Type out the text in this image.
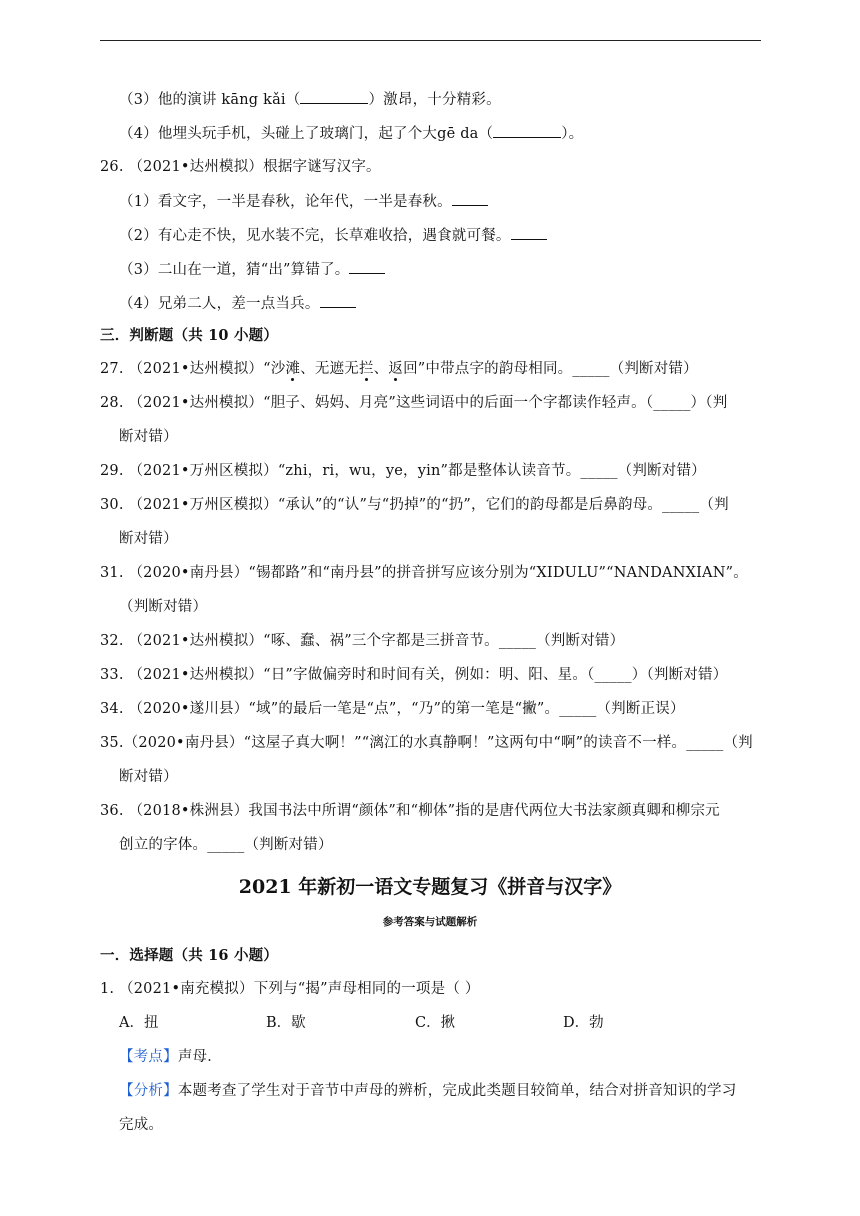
（3）他的演讲 kāng kǎi（	）激昂，十分精彩。
（4）他埋头玩手机，头碰上了玻璃门，起了个大gē da（	）。
26. （2021•达州模拟）根据字谜写汉字。
（1）看文字，一半是春秋，论年代，一半是春秋。
（2）有心走不快，见水装不完，长草难收拾，遇食就可餐。
（3）二山在一道，猜“出”算错了。
（4）兄弟二人，差一点当兵。
三．判断题（共 10 小题）
27. （2021•达州模拟）“沙滩、无遮无拦、返回”中带点字的韵母相同。_____（判断对错）
28. （2021•达州模拟）“胆子、妈妈、月亮”这些词语中的后面一个字都读作轻声。（_____）（判
断对错）
29. （2021•万州区模拟）“zhi，ri，wu，ye，yin”都是整体认读音节。_____（判断对错）
30. （2021•万州区模拟）“承认”的“认”与“扔掉”的“扔”，它们的韵母都是后鼻韵母。_____（判
断对错）
31. （2020•南丹县）“锡都路”和“南丹县”的拼音拼写应该分别为“XIDULU”“NANDANXIAN”。
（判断对错）
32. （2021•达州模拟）“啄、蠢、祸”三个字都是三拼音节。_____（判断对错）
33. （2021•达州模拟）“日”字做偏旁时和时间有关，例如：明、阳、星。（_____）（判断对错）
34. （2020•遂川县）“域”的最后一笔是“点”，“乃”的第一笔是“撇”。_____（判断正误）
35.（2020•南丹县）“这屋子真大啊！”“漓江的水真静啊！”这两句中“啊”的读音不一样。_____（判
断对错）
36. （2018•株洲县）我国书法中所谓“颜体”和“柳体”指的是唐代两位大书法家颜真卿和柳宗元
创立的字体。_____（判断对错）
2021 年新初一语文专题复习《拼音与汉字》
参考答案与试题解析
一．选择题（共 16 小题）
1. （2021•南充模拟）下列与“揭”声母相同的一项是（ ）
A．扭	B．歇	C．揪	D．勃
【考点】声母．
【分析】本题考查了学生对于音节中声母的辨析，完成此类题目较简单，结合对拼音知识的学习
完成。
